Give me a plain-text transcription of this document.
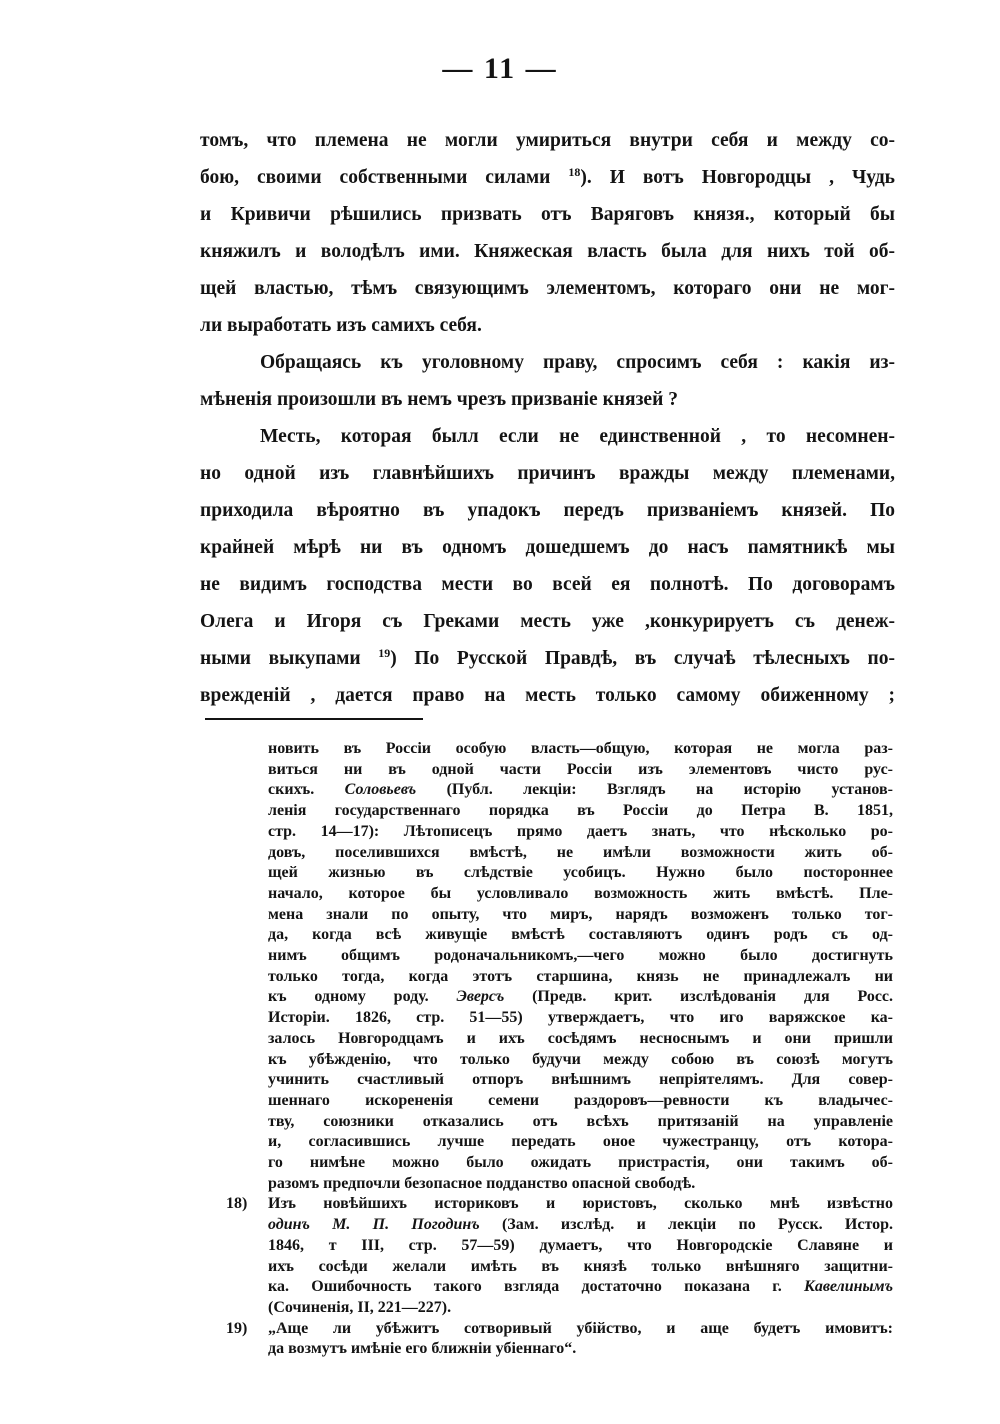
— 11 —
томъ, что племена не могли умириться внутри себя и между со-
бою, своими собственными силами $^{18}$). И вотъ Новгородцы , Чудь
и Кривичи рѣшились призвать отъ Варяговъ князя., который бы
княжилъ и володѣлъ ими. Княжеская власть была для нихъ той об-
щей властью, тѣмъ связующимъ элементомъ, котораго они не мог-
ли выработать изъ самихъ себя.
Обращаясь къ уголовному праву, спросимъ себя : какія из-
мѣненія произошли въ немъ чрезъ призваніе князей ?
Месть, которая былл если не единственной , то несомнен-
но одной изъ главнѣйшихъ причинъ вражды между племенами,
приходила вѣроятно въ упадокъ передъ призваніемъ князей. По
крайней мѣрѣ ни въ одномъ дошедшемъ до насъ памятникѣ мы
не видимъ господства мести во всей ея полнотѣ. По договорамъ
Олега и Игоря съ Греками месть уже ,конкурируетъ съ денеж-
ными выкупами $^{19}$) По Русской Правдѣ, въ случаѣ тѣлесныхъ по-
врежденій , дается право на месть только самому обиженному ;
новить въ Россіи особую власть—общую, которая не могла раз-
виться ни въ одной части Россіи изъ элементовъ чисто рус-
скихъ. Соловьевъ (Публ. лекціи: Взглядъ на исторію установ-
ленія государственнаго порядка въ Россіи до Петра В. 1851,
стр. 14—17): Лѣтописецъ прямо даетъ знать, что нѣсколько ро-
довъ, поселившихся вмѣстѣ, не имѣли возможности жить об-
щей жизнью въ слѣдствіе усобицъ. Нужно было постороннее
начало, которое бы условливало возможность жить вмѣстѣ. Пле-
мена знали по опыту, что миръ, нарядъ возможенъ только тог-
да, когда всѣ живущіе вмѣстѣ составляютъ одинъ родъ съ од-
нимъ общимъ родоначальникомъ,—чего можно было достигнуть
только тогда, когда этотъ старшина, князь не принадлежалъ ни
къ одному роду. Эверсъ (Предв. крит. изслѣдованія для Росс.
Исторіи. 1826, стр. 51—55) утверждаетъ, что иго варяжское ка-
залось Новгородцамъ и ихъ сосѣдямъ несноснымъ и они пришли
къ убѣжденію, что только будучи между собою въ союзѣ могутъ
учинить счастливый отпоръ внѣшнимъ непріятелямъ. Для совер-
шеннаго искорененія семени раздоровъ—ревности къ владычес-
тву, союзники отказались отъ всѣхъ притязаній на управленіе
и, согласившись лучше передать оное чужестранцу, отъ котора-
го нимѣне можно было ожидать пристрастія, они такимъ об-
разомъ предпочли безопасное подданство опасной свободѣ.
18) Изъ новѣйшихъ историковъ и юристовъ, сколько мнѣ извѣстно
одинъ М. П. Погодинъ (Зам. изслѣд. и лекціи по Русск. Истор.
1846, т III, стр. 57—59) думаетъ, что Новгородскіе Славяне и
ихъ сосѣди желали имѣть въ князѣ только внѣшняго защитни-
ка. Ошибочность такого взгляда достаточно показана г. Кавелинымъ
(Сочиненія, II, 221—227).
19) „Аще ли убѣжитъ сотворивый убійство, и аще будетъ имовитъ:
да возмутъ имѣніе его ближніи убіеннаго“.
